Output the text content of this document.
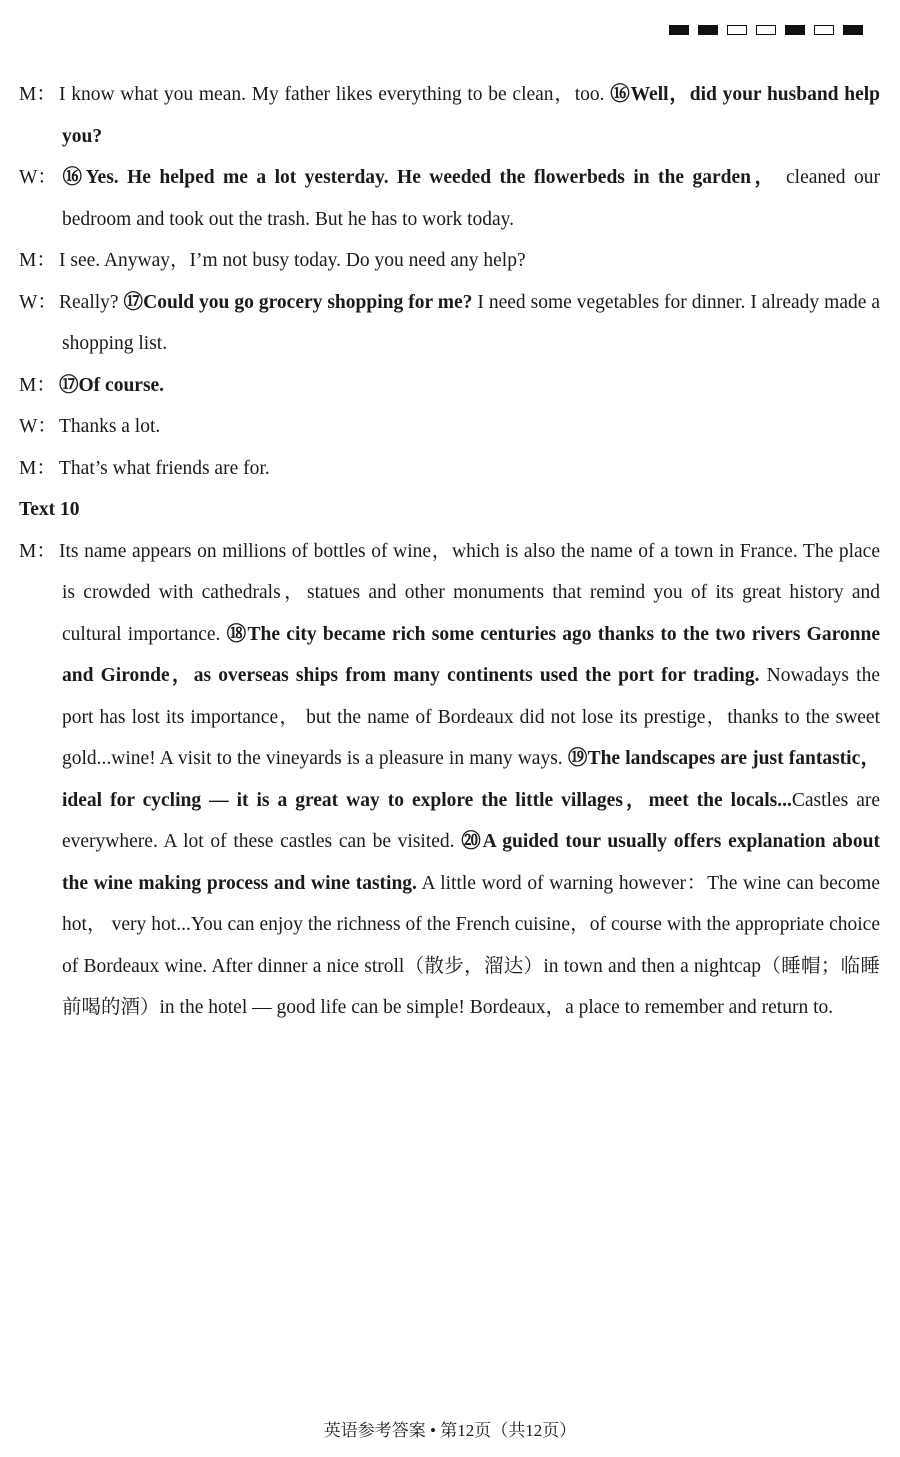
M： I know what you mean. My father likes everything to be clean，too. ⑯Well，did your husband help you?

W： ⑯Yes. He helped me a lot yesterday. He weeded the flowerbeds in the garden， cleaned our bedroom and took out the trash. But he has to work today.

M： I see. Anyway，I’m not busy today. Do you need any help?

W： Really? ⑰Could you go grocery shopping for me? I need some vegetables for dinner. I already made a shopping list.

M： ⑰Of course.

W： Thanks a lot.

M： That’s what friends are for.

Text 10

M： Its name appears on millions of bottles of wine，which is also the name of a town in France. The place is crowded with cathedrals，statues and other monuments that remind you of its great history and cultural importance. ⑱The city became rich some centuries ago thanks to the two rivers Garonne and Gironde，as overseas ships from many continents used the port for trading. Nowadays the port has lost its importance， but the name of Bordeaux did not lose its prestige，thanks to the sweet gold...wine! A visit to the vineyards is a pleasure in many ways. ⑲The landscapes are just fantastic，ideal for cycling — it is a great way to explore the little villages，meet the locals...Castles are everywhere. A lot of these castles can be visited. ⑳A guided tour usually offers explanation about the wine making process and wine tasting. A little word of warning however：The wine can become hot， very hot...You can enjoy the richness of the French cuisine，of course with the appropriate choice of Bordeaux wine. After dinner a nice stroll（散步，溜达）in town and then a nightcap（睡帽；临睡前喝的酒）in the hotel — good life can be simple! Bordeaux，a place to remember and return to.

英语参考答案 • 第12页（共12页）
